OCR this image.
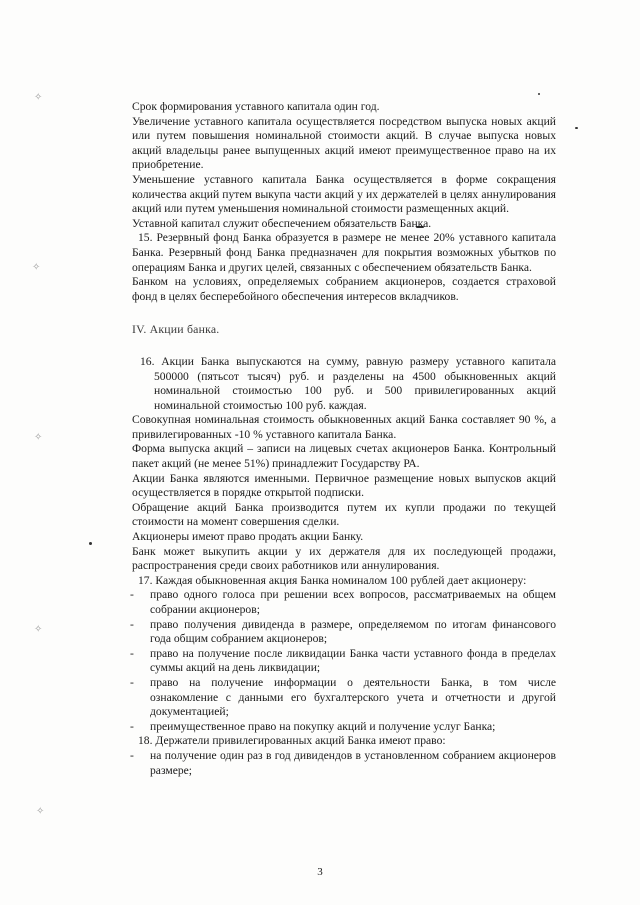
✧
✧
✧
✧
✧

Срок формирования уставного капитала один год.

Увеличение уставного капитала осуществляется посредством выпуска новых акций или путем повышения номинальной стоимости акций. В случае выпуска новых акций владельцы ранее выпущенных акций имеют преимущественное право на их приобретение.

Уменьшение уставного капитала Банка осуществляется в форме сокращения количества акций путем выкупа части акций у их держателей в целях аннулирования акций или путем уменьшения номинальной стоимости размещенных акций.

Уставной капитал служит обеспечением обязательств Банка.

15. Резервный фонд Банка образуется в размере не менее 20% уставного капитала Банка. Резервный фонд Банка предназначен для покрытия возможных убытков по операциям Банка и других целей, связанных с обеспечением обязательств Банка.

Банком на условиях, определяемых собранием акционеров, создается страховой фонд в целях бесперебойного обеспечения интересов вкладчиков.

IV. Акции банка.

16. Акции Банка выпускаются на сумму, равную размеру уставного капитала 500000 (пятьсот тысяч) руб. и разделены на 4500 обыкновенных акций номинальной стоимостью 100 руб. и 500 привилегированных акций номинальной стоимостью 100 руб. каждая.

Совокупная номинальная стоимость обыкновенных акций Банка составляет 90 %, а привилегированных -10 % уставного капитала Банка.

Форма выпуска акций – записи на лицевых счетах акционеров Банка. Контрольный пакет акций (не менее 51%) принадлежит Государству РА.

Акции Банка являются именными. Первичное размещение новых выпусков акций осуществляется в порядке открытой подписки.

Обращение акций Банка производится путем их купли продажи по текущей стоимости на момент совершения сделки.

Акционеры имеют право продать акции Банку.

Банк может выкупить акции у их держателя для их последующей продажи, распространения среди своих работников или аннулирования.

17. Каждая обыкновенная акция Банка номиналом 100 рублей дает акционеру:

- право одного голоса при решении всех вопросов, рассматриваемых на общем собрании акционеров;

- право получения дивиденда в размере, определяемом по итогам финансового года общим собранием акционеров;

- право на получение после ликвидации Банка части уставного фонда в пределах суммы акций на день ликвидации;

- право на получение информации о деятельности Банка, в том числе ознакомление с данными его бухгалтерского учета и отчетности и другой документацией;

- преимущественное право на покупку акций и получение услуг Банка;

18. Держатели привилегированных акций Банка имеют право:

- на получение один раз в год дивидендов в установленном собранием акционеров размере;

3
